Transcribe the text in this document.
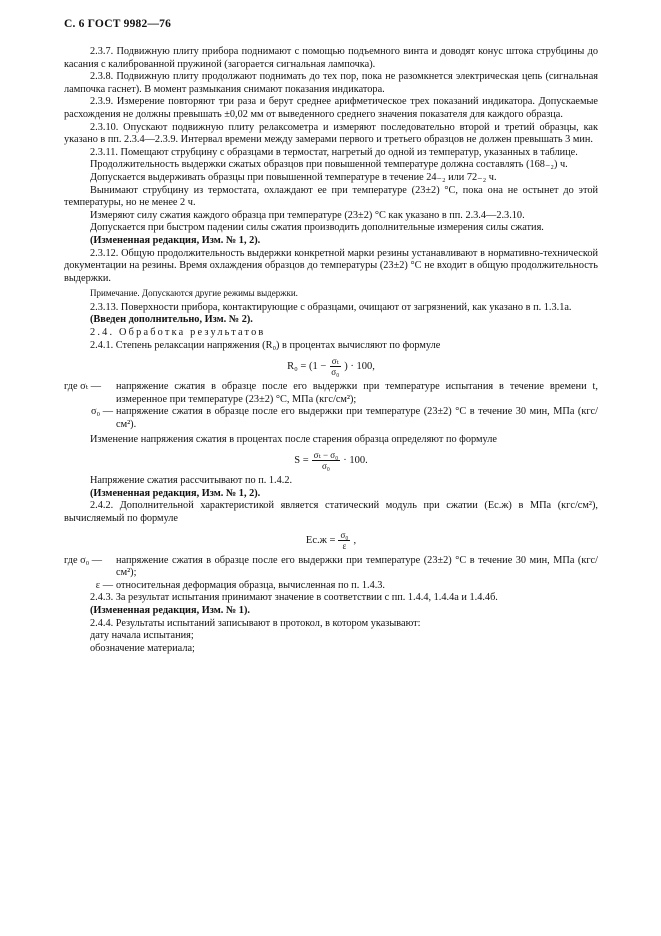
С. 6 ГОСТ 9982—76

2.3.7. Подвижную плиту прибора поднимают с помощью подъемного винта и доводят конус штока струбцины до касания с калиброванной пружиной (загорается сигнальная лампочка).

2.3.8. Подвижную плиту продолжают поднимать до тех пор, пока не разомкнется электрическая цепь (сигнальная лампочка гаснет). В момент размыкания снимают показания индикатора.

2.3.9. Измерение повторяют три раза и берут среднее арифметическое трех показаний индикатора. Допускаемые расхождения не должны превышать ±0,02 мм от выведенного среднего значения показателя для каждого образца.

2.3.10. Опускают подвижную плиту релаксометра и измеряют последовательно второй и третий образцы, как указано в пп. 2.3.4—2.3.9. Интервал времени между замерами первого и третьего образцов не должен превышать 3 мин.

2.3.11. Помещают струбцину с образцами в термостат, нагретый до одной из температур, указанных в таблице.

Продолжительность выдержки сжатых образцов при повышенной температуре должна составлять (168₋₂) ч.

Допускается выдерживать образцы при повышенной температуре в течение 24₋₂ или 72₋₂ ч.

Вынимают струбцину из термостата, охлаждают ее при температуре (23±2) °С, пока она не остынет до этой температуры, но не менее 2 ч.

Измеряют силу сжатия каждого образца при температуре (23±2) °С как указано в пп. 2.3.4—2.3.10.

Допускается при быстром падении силы сжатия производить дополнительные измерения силы сжатия.

(Измененная редакция, Изм. № 1, 2).

2.3.12. Общую продолжительность выдержки конкретной марки резины устанавливают в нормативно-технической документации на резины. Время охлаждения образцов до температуры (23±2) °С не входит в общую продолжительность выдержки.

Примечание. Допускаются другие режимы выдержки.

2.3.13. Поверхности прибора, контактирующие с образцами, очищают от загрязнений, как указано в п. 1.3.1а.

(Введен дополнительно, Изм. № 2).

2.4. Обработка результатов

2.4.1. Степень релаксации напряжения (R₀) в процентах вычисляют по формуле

$R_0 = (1 - \frac{\text{σₜ}}{\text{σ₀}}$ ) · 100,
где σₜ —	напряжение сжатия в образце после его выдержки при температуре испытания в течение времени t, измеренное при температуре (23±2) °С, МПа (кгс/см²);
σ₀ — напряжение сжатия в образце после его выдержки при температуре (23±2) °С в течение 30 мин, МПа (кгс/см²).

Изменение напряжения сжатия в процентах после старения образца определяют по формуле

$S = \frac{\text{σₜ − σ₀}}{\text{σ₀}} \cdot 100$.

Напряжение сжатия рассчитывают по п. 1.4.2.

(Измененная редакция, Изм. № 1, 2).

2.4.2. Дополнительной характеристикой является статический модуль при сжатии (Eс.ж) в МПа (кгс/см²), вычисляемый по формуле

$Eс.ж = \frac{\text{σ₀}}{\varepsilon}$ ,
где σ₀ —	напряжение сжатия в образце после его выдержки при температуре (23±2) °С в течение 30 мин, МПа (кгс/см²);
ε — относительная деформация образца, вычисленная по п. 1.4.3.

2.4.3. За результат испытания принимают значение в соответствии с пп. 1.4.4, 1.4.4а и 1.4.4б.

(Измененная редакция, Изм. № 1).

2.4.4. Результаты испытаний записывают в протокол, в котором указывают:

дату начала испытания;

обозначение материала;
